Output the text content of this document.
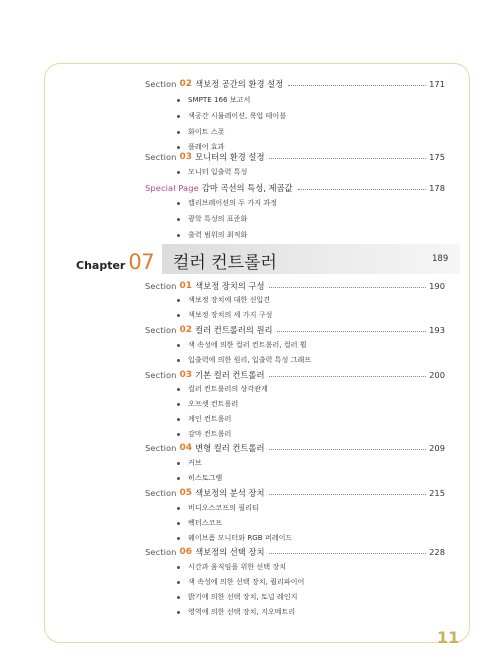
Section 02 색보정 공간의 환경 설정	171
SMPTE 166 보고서
색공간 시뮬레이션, 룩업 테이블
화이트 스폿
플레어 효과
Section 03 모니터의 환경 설정	175
모니터 입출력 특성
Special Page 감마 곡선의 특성, 제곱값	178
캘리브레이션의 두 가지 과정
광학 특성의 표준화
출력 범위의 최적화
Chapter 07 컬러 컨트롤러	189
Section 01 색보정 장치의 구성	190
색보정 장치에 대한 선입견
색보정 장치의 세 가지 구성
Section 02 컬러 컨트롤러의 원리	193
색 속성에 의한 컬러 컨트롤러, 컬러 휠
입출력에 의한 원리, 입출력 특성 그래프
Section 03 기본 컬러 컨트롤러	200
컬러 컨트롤러의 상각관계
오프셋 컨트롤러
게인 컨트롤러
감마 컨트롤러
Section 04 변형 컬러 컨트롤러	209
커브
히스토그램
Section 05 색보정의 분석 장치	215
비디오스코프의 필리티
벡터스코프
웨이브폼 모니터와 RGB 퍼레이드
Section 06 색보정의 선택 장치	228
시간과 움직임을 위한 선택 장치
색 속성에 의한 선택 장치, 퀄리파이어
밝기에 의한 선택 장치, 토널 레인지
영역에 의한 선택 장치, 지오메트리
11
